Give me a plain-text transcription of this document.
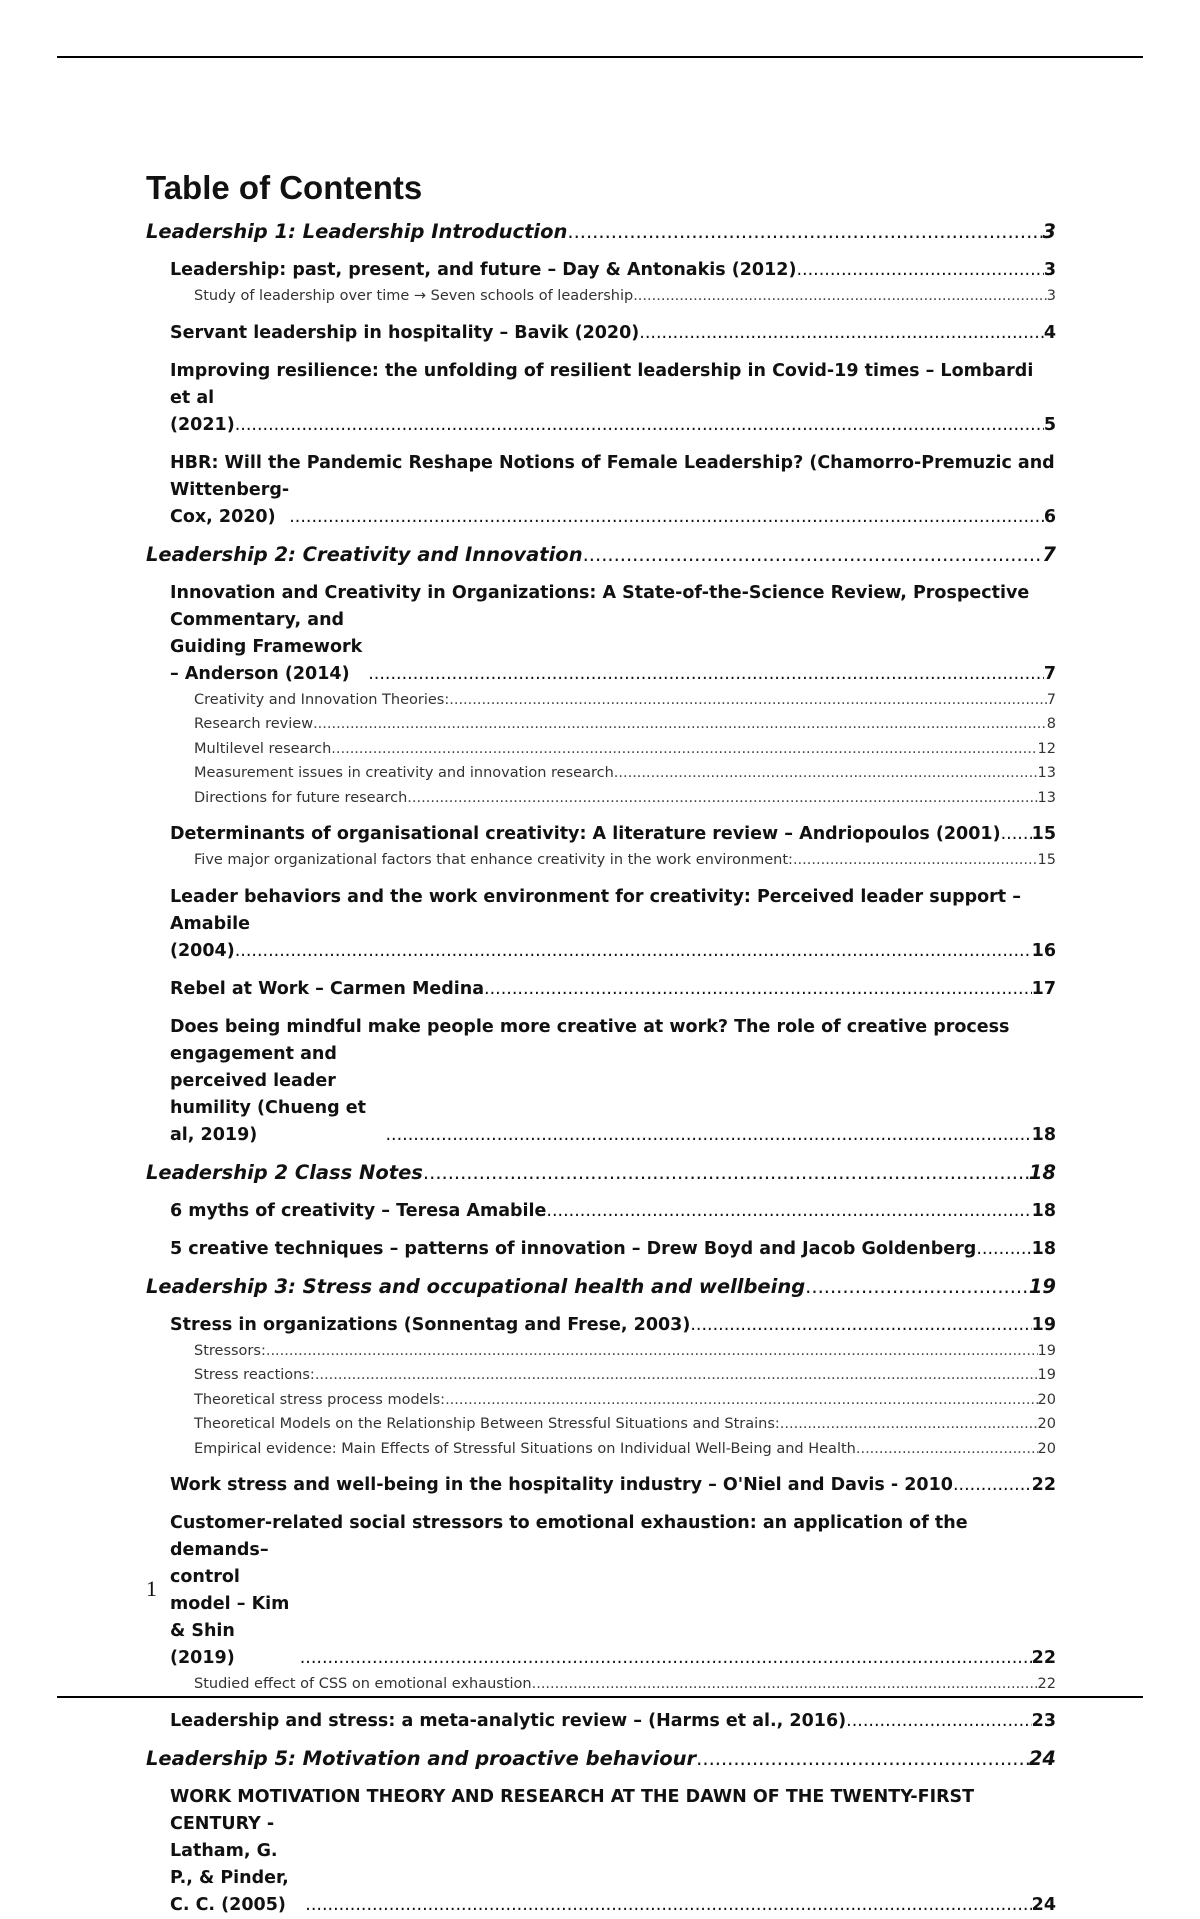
Table of Contents
Leadership 1: Leadership Introduction .....	3
Leadership: past, present, and future – Day & Antonakis (2012) .....	3
Study of leadership over time → Seven schools of leadership .....	3
Servant leadership in hospitality – Bavik (2020) .....	4
Improving resilience: the unfolding of resilient leadership in Covid-19 times – Lombardi et al
(2021) .....	5
HBR: Will the Pandemic Reshape Notions of Female Leadership? (Chamorro-Premuzic and
Wittenberg-Cox, 2020) .....	6
Leadership 2: Creativity and Innovation .....	7
Innovation and Creativity in Organizations: A State-of-the-Science Review, Prospective
Commentary, and Guiding Framework – Anderson (2014) .....	7
Creativity and Innovation Theories: .....	7
Research review .....	8
Multilevel research .....	12
Measurement issues in creativity and innovation research .....	13
Directions for future research .....	13
Determinants of organisational creativity: A literature review – Andriopoulos (2001) ..... 15
Five major organizational factors that enhance creativity in the work environment: .....	15
Leader behaviors and the work environment for creativity: Perceived leader support – Amabile
(2004) .....	16
Rebel at Work – Carmen Medina .....	17
Does being mindful make people more creative at work? The role of creative process
engagement and perceived leader humility (Chueng et al, 2019) .....	18
Leadership 2 Class Notes .....	18
6 myths of creativity – Teresa Amabile .....	18
5 creative techniques – patterns of innovation – Drew Boyd and Jacob Goldenberg .....	18
Leadership 3: Stress and occupational health and wellbeing .....	19
Stress in organizations (Sonnentag and Frese, 2003) .....	19
Stressors: .....	19
Stress reactions: .....	19
Theoretical stress process models: .....	20
Theoretical Models on the Relationship Between Stressful Situations and Strains: .....	20
Empirical evidence: Main Effects of Stressful Situations on Individual Well-Being and Health .....	20
Work stress and well-being in the hospitality industry – O'Niel and Davis - 2010 .....	22
Customer-related social stressors to emotional exhaustion: an application of the demands–
control model – Kim & Shin (2019) .....	22
Studied effect of CSS on emotional exhaustion .....	22
Leadership and stress: a meta-analytic review – (Harms et al., 2016) .....	23
Leadership 5: Motivation and proactive behaviour .....	24
WORK MOTIVATION THEORY AND RESEARCH AT THE DAWN OF THE TWENTY-FIRST CENTURY -
Latham, G. P., & Pinder, C. C. (2005) .....	24
1
